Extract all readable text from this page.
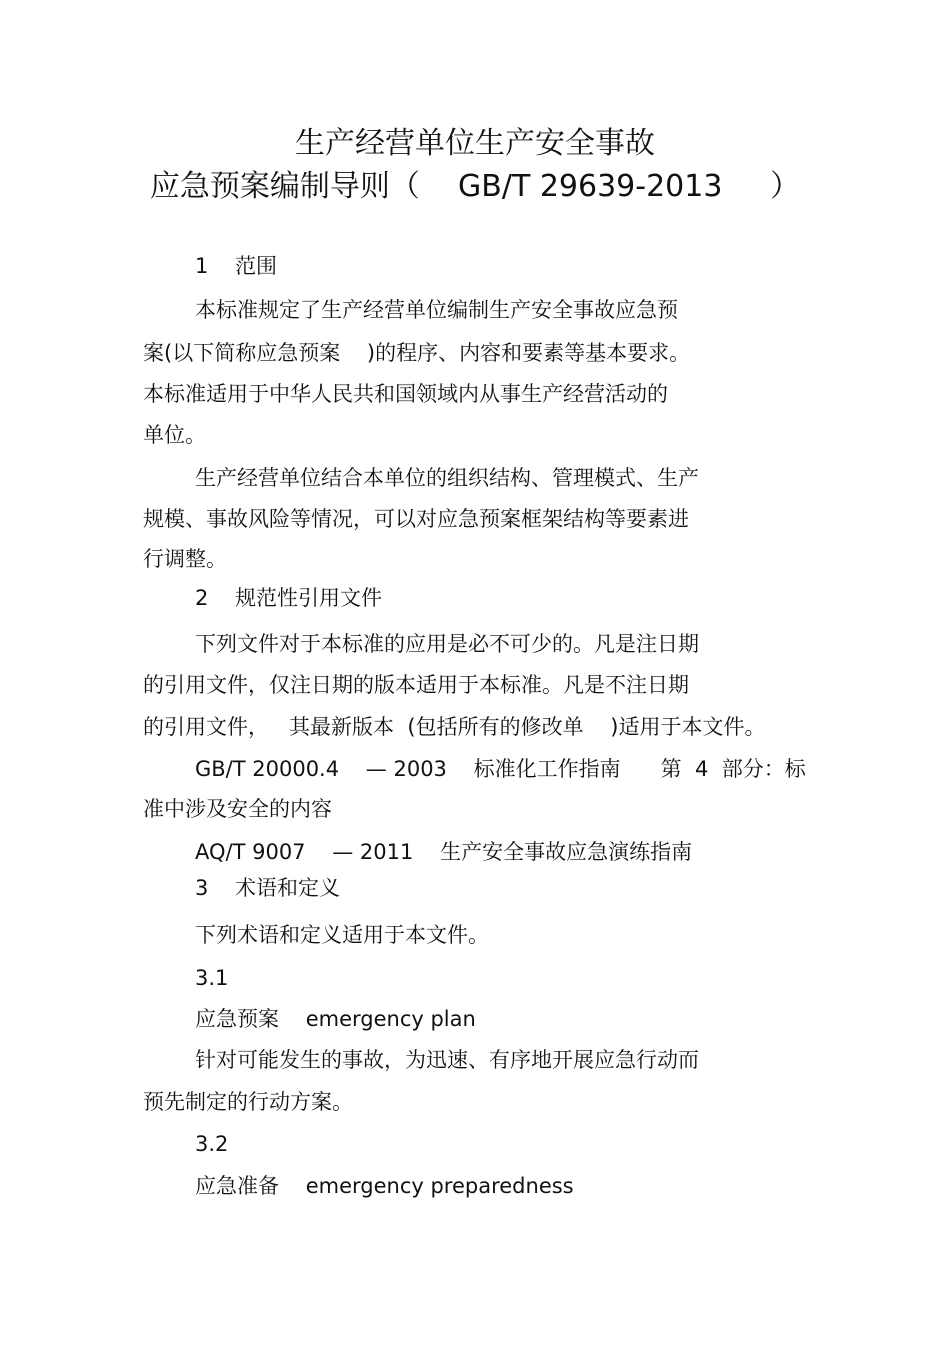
生产经营单位生产安全事故
应急预案编制导则（    GB/T 29639-2013     ）

1    范围

本标准规定了生产经营单位编制生产安全事故应急预

案(以下简称应急预案    )的程序、内容和要素等基本要求。

本标准适用于中华人民共和国领域内从事生产经营活动的

单位。

生产经营单位结合本单位的组织结构、管理模式、生产

规模、事故风险等情况，可以对应急预案框架结构等要素进

行调整。

2    规范性引用文件

下列文件对于本标准的应用是必不可少的。凡是注日期

的引用文件，仅注日期的版本适用于本标准。凡是不注日期

的引用文件，   其最新版本  (包括所有的修改单    )适用于本文件。

GB/T 20000.4    — 2003    标准化工作指南      第  4  部分：标

准中涉及安全的内容

AQ/T 9007    — 2011    生产安全事故应急演练指南

3    术语和定义

下列术语和定义适用于本文件。

3.1

应急预案    emergency plan

针对可能发生的事故，为迅速、有序地开展应急行动而

预先制定的行动方案。

3.2

应急准备    emergency preparedness
